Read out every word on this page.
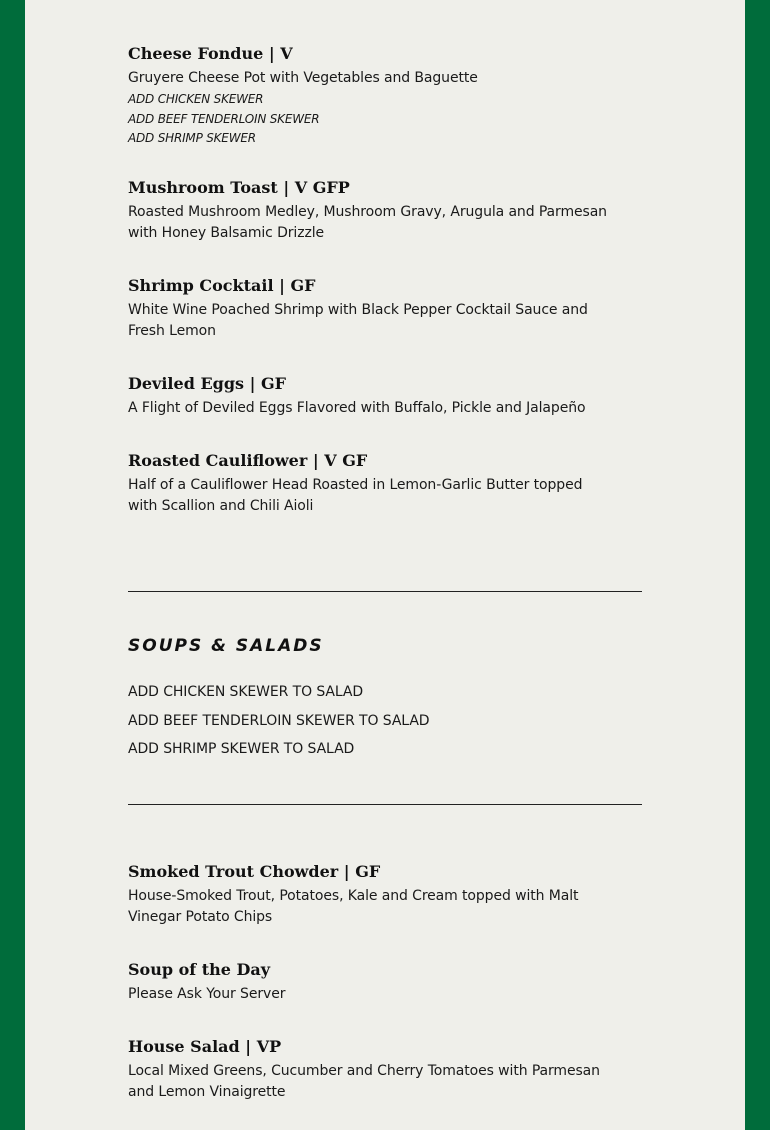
Cheese Fondue | V

Gruyere Cheese Pot with Vegetables and Baguette

ADD CHICKEN SKEWER
ADD BEEF TENDERLOIN SKEWER
ADD SHRIMP SKEWER
Mushroom Toast | V GFP

Roasted Mushroom Medley, Mushroom Gravy, Arugula and Parmesan with Honey Balsamic Drizzle

Shrimp Cocktail | GF

White Wine Poached Shrimp with Black Pepper Cocktail Sauce and Fresh Lemon

Deviled Eggs | GF

A Flight of Deviled Eggs Flavored with Buffalo, Pickle and Jalapeño

Roasted Cauliflower | V GF

Half of a Cauliflower Head Roasted in Lemon-Garlic Butter topped with Scallion and Chili Aioli

SOUPS & SALADS
ADD CHICKEN SKEWER TO SALAD
ADD BEEF TENDERLOIN SKEWER TO SALAD
ADD SHRIMP SKEWER TO SALAD
Smoked Trout Chowder | GF

House-Smoked Trout, Potatoes, Kale and Cream topped with Malt Vinegar Potato Chips

Soup of the Day

Please Ask Your Server

House Salad | VP

Local Mixed Greens, Cucumber and Cherry Tomatoes with Parmesan and Lemon Vinaigrette
